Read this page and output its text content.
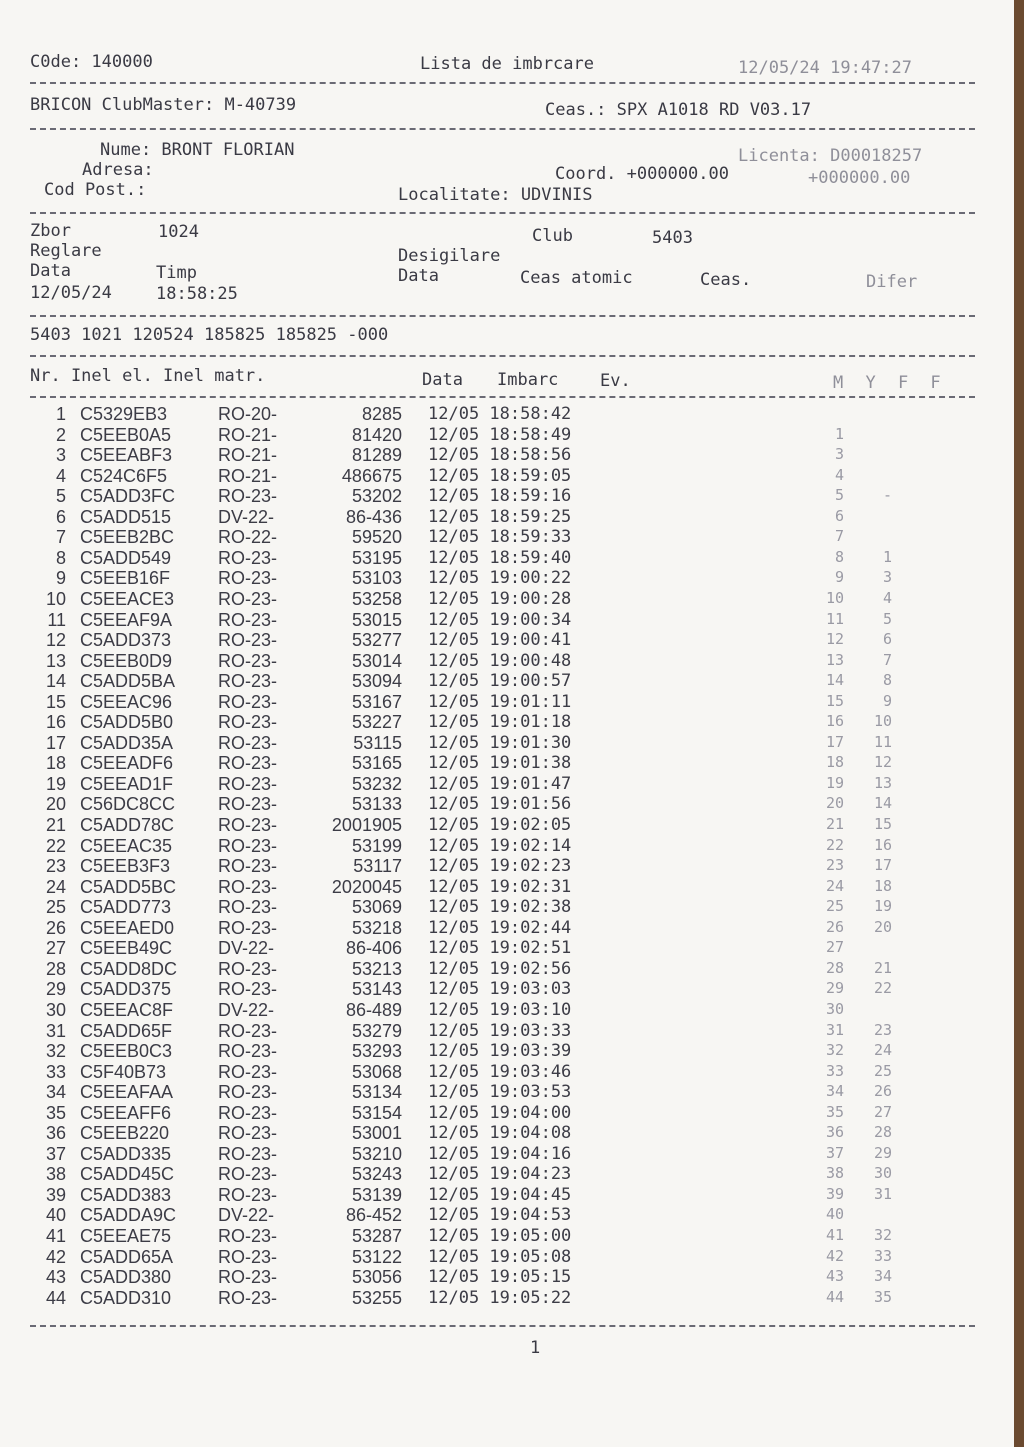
C0de: 140000	Lista de imbrcare	12/05/24 19:47:27
BRICON ClubMaster: M-40739	Ceas.: SPX A1018 RD V03.17
Nume: BRONT FLORIAN	Licenta: D00018257
Adresa:	Coord. +000000.00	+000000.00
Cod Post.:	Localitate: UDVINIS
Zbor	1024	Club	5403
Reglare	Desigilare
Data	Timp	Data	Ceas atomic	Ceas.	Difer
12/05/24	18:58:25
5403 1021 120524 185825 185825 -000
Nr. Inel el. Inel matr.	Data Imbarc Ev.	M Y F F
1 C5329EB3	RO-20-	8285 12/05 18:58:42
2 C5EEB0A5	RO-21-	81420 12/05 18:58:49	1
3 C5EEABF3	RO-21-	81289 12/05 18:58:56	3
4 C524C6F5	RO-21-	486675 12/05 18:59:05	4
5 C5ADD3FC RO-23-	53202 12/05 18:59:16	5	-
6 C5ADD515	DV-22-	86-436 12/05 18:59:25	6
7 C5EEB2BC RO-22-	59520 12/05 18:59:33	7
8 C5ADD549	RO-23-	53195 12/05 18:59:40	8	1
9 C5EEB16F	RO-23-	53103 12/05 19:00:22	9	3
10 C5EEACE3 RO-23-	53258 12/05 19:00:28	10	4
11 C5EEAF9A	RO-23-	53015 12/05 19:00:34	11	5
12 C5ADD373	RO-23-	53277 12/05 19:00:41	12	6
13 C5EEB0D9	RO-23-	53014 12/05 19:00:48	13	7
14 C5ADD5BA RO-23-	53094 12/05 19:00:57	14	8
15 C5EEAC96	RO-23-	53167 12/05 19:01:11	15	9
16 C5ADD5B0 RO-23-	53227 12/05 19:01:18	16	10
17 C5ADD35A RO-23-	53115 12/05 19:01:30	17	11
18 C5EEADF6 RO-23-	53165 12/05 19:01:38	18	12
19 C5EEAD1F RO-23-	53232 12/05 19:01:47	19	13
20 C56DC8CC RO-23-	53133 12/05 19:01:56	20	14
21 C5ADD78C RO-23-	2001905 12/05 19:02:05	21	15
22 C5EEAC35	RO-23-	53199 12/05 19:02:14	22	16
23 C5EEB3F3	RO-23-	53117 12/05 19:02:23	23	17
24 C5ADD5BC RO-23-	2020045 12/05 19:02:31	24	18
25 C5ADD773	RO-23-	53069 12/05 19:02:38	25	19
26 C5EEAED0 RO-23-	53218 12/05 19:02:44	26	20
27 C5EEB49C	DV-22-	86-406 12/05 19:02:51	27
28 C5ADD8DC RO-23-	53213 12/05 19:02:56	28	21
29 C5ADD375	RO-23-	53143 12/05 19:03:03	29	22
30 C5EEAC8F DV-22-	86-489 12/05 19:03:10	30
31 C5ADD65F	RO-23-	53279 12/05 19:03:33	31	23
32 C5EEB0C3	RO-23-	53293 12/05 19:03:39	32	24
33 C5F40B73	RO-23-	53068 12/05 19:03:46	33	25
34 C5EEAFAA RO-23-	53134 12/05 19:03:53	34	26
35 C5EEAFF6	RO-23-	53154 12/05 19:04:00	35	27
36 C5EEB220	RO-23-	53001 12/05 19:04:08	36	28
37 C5ADD335	RO-23-	53210 12/05 19:04:16	37	29
38 C5ADD45C RO-23-	53243 12/05 19:04:23	38	30
39 C5ADD383	RO-23-	53139 12/05 19:04:45	39	31
40 C5ADDA9C DV-22-	86-452 12/05 19:04:53	40
41 C5EEAE75	RO-23-	53287 12/05 19:05:00	41	32
42 C5ADD65A RO-23-	53122 12/05 19:05:08	42	33
43 C5ADD380	RO-23-	53056 12/05 19:05:15	43	34
44 C5ADD310	RO-23-	53255 12/05 19:05:22	44	35
1
